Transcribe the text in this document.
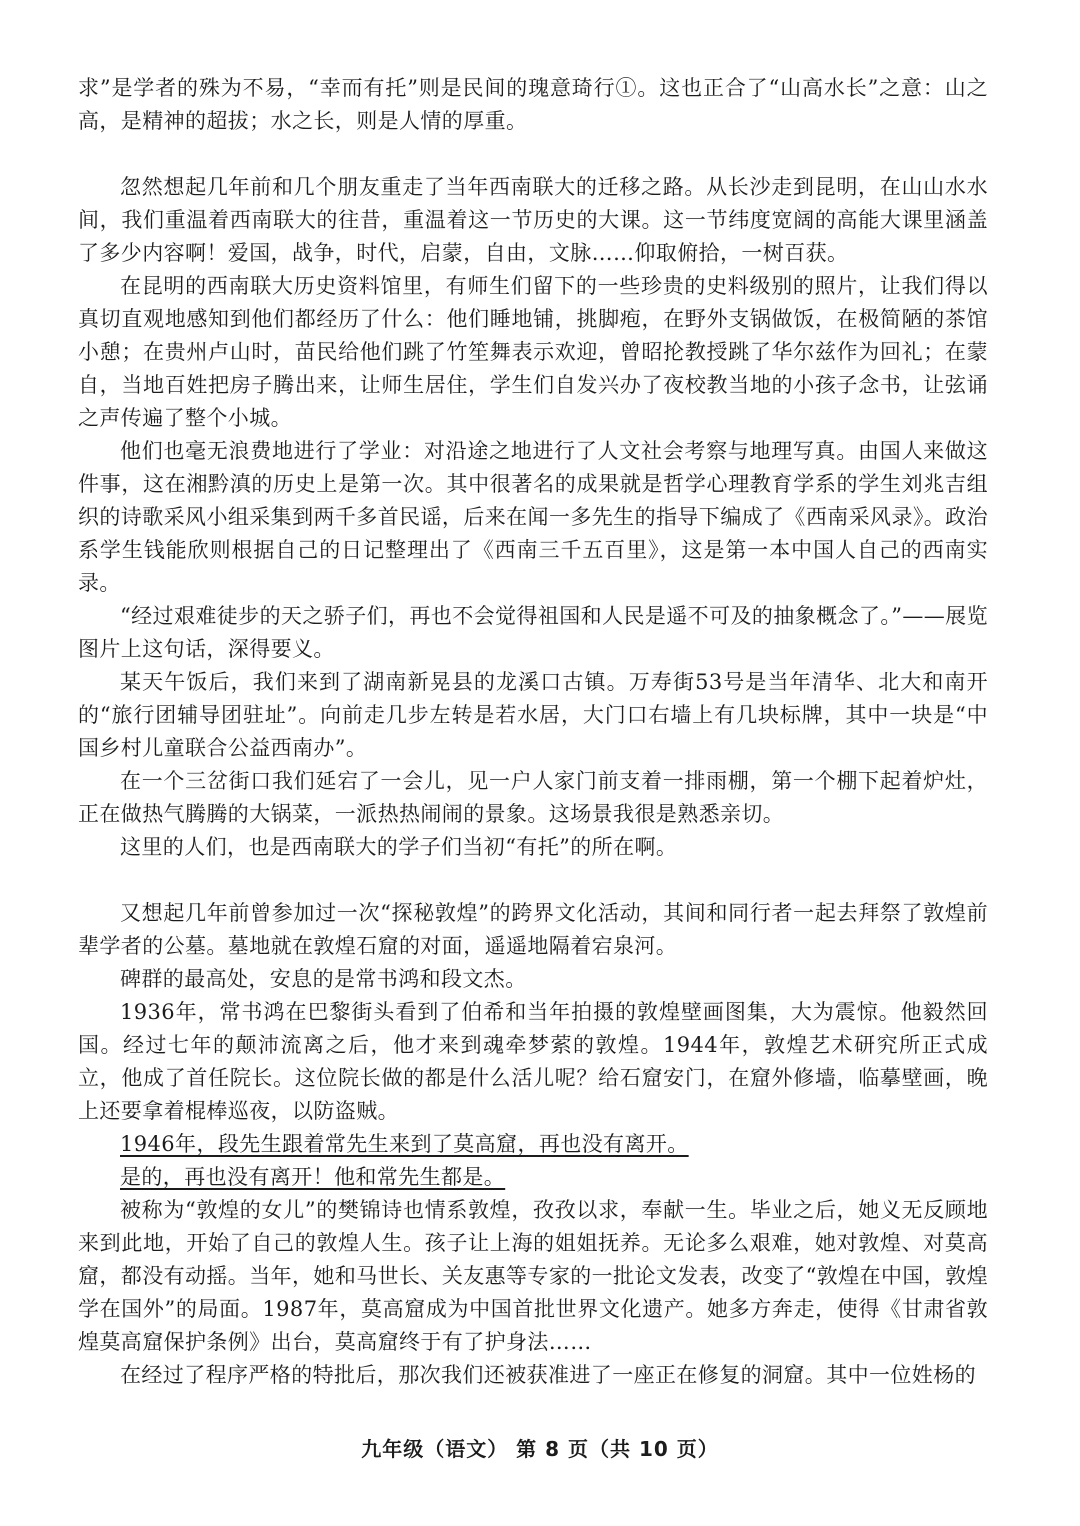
求”是学者的殊为不易，“幸而有托”则是民间的瑰意琦行①。这也正合了“山高水长”之意：山之高，是精神的超拔；水之长，则是人情的厚重。

忽然想起几年前和几个朋友重走了当年西南联大的迁移之路。从长沙走到昆明，在山山水水间，我们重温着西南联大的往昔，重温着这一节历史的大课。这一节纬度宽阔的高能大课里涵盖了多少内容啊！爱国，战争，时代，启蒙，自由，文脉……仰取俯拾，一树百获。

在昆明的西南联大历史资料馆里，有师生们留下的一些珍贵的史料级别的照片，让我们得以真切直观地感知到他们都经历了什么：他们睡地铺，挑脚疱，在野外支锅做饭，在极简陋的茶馆小憩；在贵州卢山时，苗民给他们跳了竹笙舞表示欢迎，曾昭抡教授跳了华尔兹作为回礼；在蒙自，当地百姓把房子腾出来，让师生居住，学生们自发兴办了夜校教当地的小孩子念书，让弦诵之声传遍了整个小城。

他们也毫无浪费地进行了学业：对沿途之地进行了人文社会考察与地理写真。由国人来做这件事，这在湘黔滇的历史上是第一次。其中很著名的成果就是哲学心理教育学系的学生刘兆吉组织的诗歌采风小组采集到两千多首民谣，后来在闻一多先生的指导下编成了《西南采风录》。政治系学生钱能欣则根据自己的日记整理出了《西南三千五百里》，这是第一本中国人自己的西南实录。

“经过艰难徒步的天之骄子们，再也不会觉得祖国和人民是遥不可及的抽象概念了。”——展览图片上这句话，深得要义。

某天午饭后，我们来到了湖南新晃县的龙溪口古镇。万寿街53号是当年清华、北大和南开的“旅行团辅导团驻址”。向前走几步左转是若水居，大门口右墙上有几块标牌，其中一块是“中国乡村儿童联合公益西南办”。

在一个三岔街口我们延宕了一会儿，见一户人家门前支着一排雨棚，第一个棚下起着炉灶，正在做热气腾腾的大锅菜，一派热热闹闹的景象。这场景我很是熟悉亲切。

这里的人们，也是西南联大的学子们当初“有托”的所在啊。

又想起几年前曾参加过一次“探秘敦煌”的跨界文化活动，其间和同行者一起去拜祭了敦煌前辈学者的公墓。墓地就在敦煌石窟的对面，遥遥地隔着宕泉河。

碑群的最高处，安息的是常书鸿和段文杰。

1936年，常书鸿在巴黎街头看到了伯希和当年拍摄的敦煌壁画图集，大为震惊。他毅然回国。经过七年的颠沛流离之后，他才来到魂牵梦萦的敦煌。1944年，敦煌艺术研究所正式成立，他成了首任院长。这位院长做的都是什么活儿呢？给石窟安门，在窟外修墙，临摹壁画，晚上还要拿着棍棒巡夜，以防盗贼。

1946年，段先生跟着常先生来到了莫高窟，再也没有离开。

是的，再也没有离开！他和常先生都是。

被称为“敦煌的女儿”的樊锦诗也情系敦煌，孜孜以求，奉献一生。毕业之后，她义无反顾地来到此地，开始了自己的敦煌人生。孩子让上海的姐姐抚养。无论多么艰难，她对敦煌、对莫高窟，都没有动摇。当年，她和马世长、关友惠等专家的一批论文发表，改变了“敦煌在中国，敦煌学在国外”的局面。1987年，莫高窟成为中国首批世界文化遗产。她多方奔走，使得《甘肃省敦煌莫高窟保护条例》出台，莫高窟终于有了护身法……

在经过了程序严格的特批后，那次我们还被获准进了一座正在修复的洞窟。其中一位姓杨的

九年级（语文） 第 8 页（共 10 页）
